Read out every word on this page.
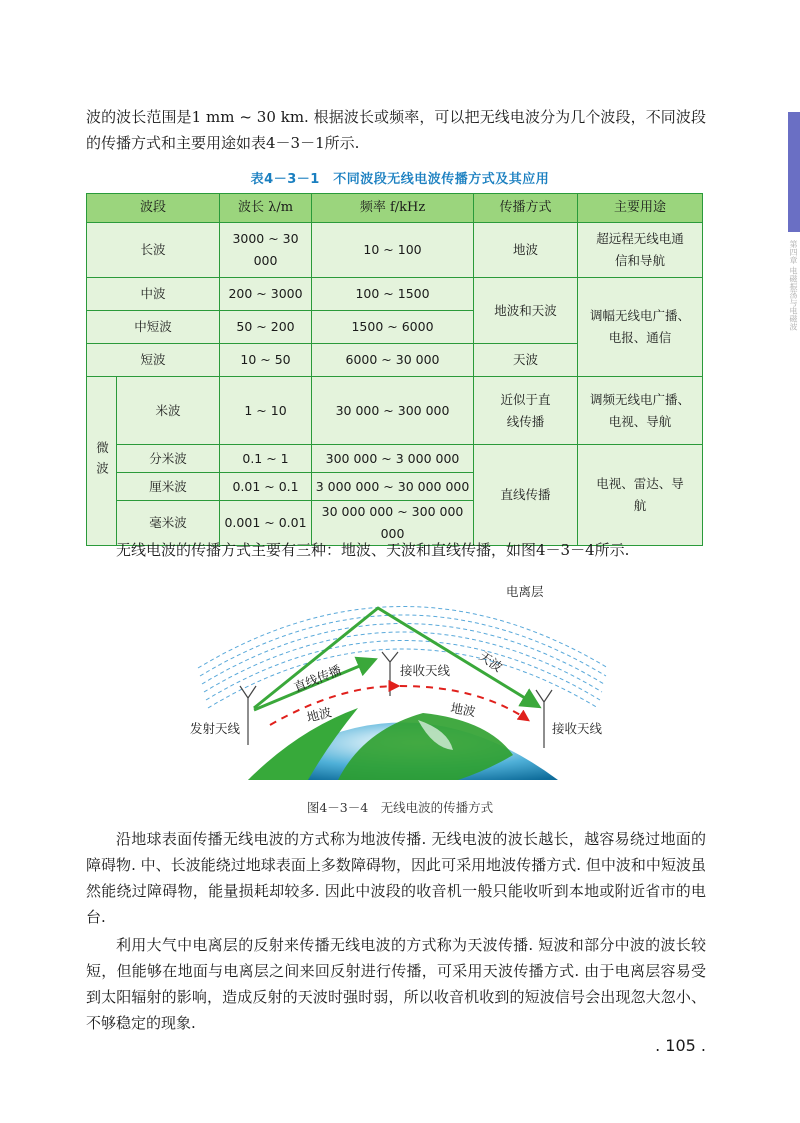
第四章 电磁振荡与电磁波

波的波长范围是1 mm ~ 30 km. 根据波长或频率，可以把无线电波分为几个波段，不同波段的传播方式和主要用途如表4－3－1所示.

表4－3－1　不同波段无线电波传播方式及其应用
波段		波长 λ/m	频率 f/kHz	传播方式	主要用途
长波		3000 ~ 30 000	10 ~ 100	地波	超远程无线电通信和导航
中波		200 ~ 3000	100 ~ 1500	地波和天波	调幅无线电广播、电报、通信
中短波		50 ~ 200	1500 ~ 6000		
短波		10 ~ 50	6000 ~ 30 000	天波	
微波	米波	1 ~ 10	30 000 ~ 300 000	近似于直线传播	调频无线电广播、电视、导航
	分米波	0.1 ~ 1	300 000 ~ 3 000 000	直线传播	电视、雷达、导航
	厘米波	0.01 ~ 0.1	3 000 000 ~ 30 000 000		
	毫米波	0.001 ~ 0.01	30 000 000 ~ 300 000 000		

无线电波的传播方式主要有三种：地波、天波和直线传播，如图4－3－4所示.

电离层
直线传播	接收天线 天波
地波	地波
发射天线	接收天线
图4－3－4　无线电波的传播方式

沿地球表面传播无线电波的方式称为地波传播. 无线电波的波长越长，越容易绕过地面的障碍物. 中、长波能绕过地球表面上多数障碍物，因此可采用地波传播方式. 但中波和中短波虽然能绕过障碍物，能量损耗却较多. 因此中波段的收音机一般只能收听到本地或附近省市的电台.

利用大气中电离层的反射来传播无线电波的方式称为天波传播. 短波和部分中波的波长较短，但能够在地面与电离层之间来回反射进行传播，可采用天波传播方式. 由于电离层容易受到太阳辐射的影响，造成反射的天波时强时弱，所以收音机收到的短波信号会出现忽大忽小、不够稳定的现象.

. 105 .
